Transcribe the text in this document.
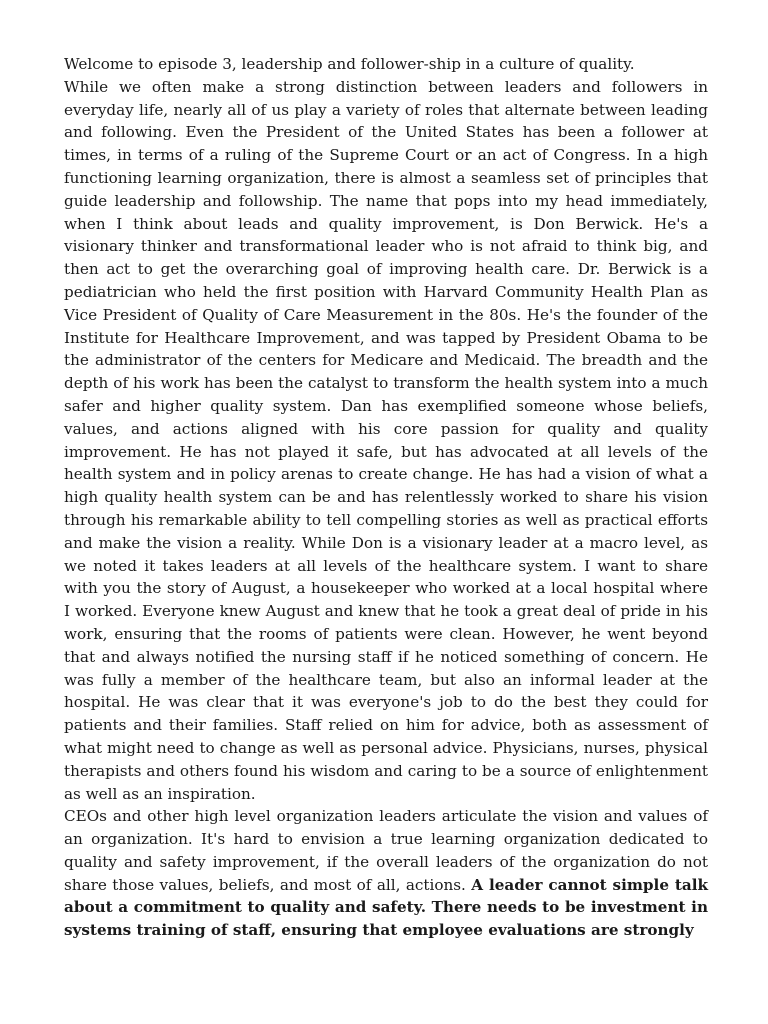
Welcome to episode 3, leadership and follower-ship in a culture of quality.

While we often make a strong distinction between leaders and followers in everyday life, nearly all of us play a variety of roles that alternate between leading and following. Even the President of the United States has been a follower at times, in terms of a ruling of the Supreme Court or an act of Congress. In a high functioning learning organization, there is almost a seamless set of principles that guide leadership and followship. The name that pops into my head immediately, when I think about leads and quality improvement, is Don Berwick. He's a visionary thinker and transformational leader who is not afraid to think big, and then act to get the overarching goal of improving health care. Dr. Berwick is a pediatrician who held the first position with Harvard Community Health Plan as Vice President of Quality of Care Measurement in the 80s. He's the founder of the Institute for Healthcare Improvement, and was tapped by President Obama to be the administrator of the centers for Medicare and Medicaid. The breadth and the depth of his work has been the catalyst to transform the health system into a much safer and higher quality system. Dan has exemplified someone whose beliefs, values, and actions aligned with his core passion for quality and quality improvement. He has not played it safe, but has advocated at all levels of the health system and in policy arenas to create change. He has had a vision of what a high quality health system can be and has relentlessly worked to share his vision through his remarkable ability to tell compelling stories as well as practical efforts and make the vision a reality. While Don is a visionary leader at a macro level, as we noted it takes leaders at all levels of the healthcare system. I want to share with you the story of August, a housekeeper who worked at a local hospital where I worked. Everyone knew August and knew that he took a great deal of pride in his work, ensuring that the rooms of patients were clean. However, he went beyond that and always notified the nursing staff if he noticed something of concern. He was fully a member of the healthcare team, but also an informal leader at the hospital. He was clear that it was everyone's job to do the best they could for patients and their families. Staff relied on him for advice, both as assessment of what might need to change as well as personal advice. Physicians, nurses, physical therapists and others found his wisdom and caring to be a source of enlightenment as well as an inspiration.

CEOs and other high level organization leaders articulate the vision and values of an organization. It's hard to envision a true learning organization dedicated to quality and safety improvement, if the overall leaders of the organization do not share those values, beliefs, and most of all, actions. A leader cannot simple talk about a commitment to quality and safety. There needs to be investment in systems training of staff, ensuring that employee evaluations are strongly
